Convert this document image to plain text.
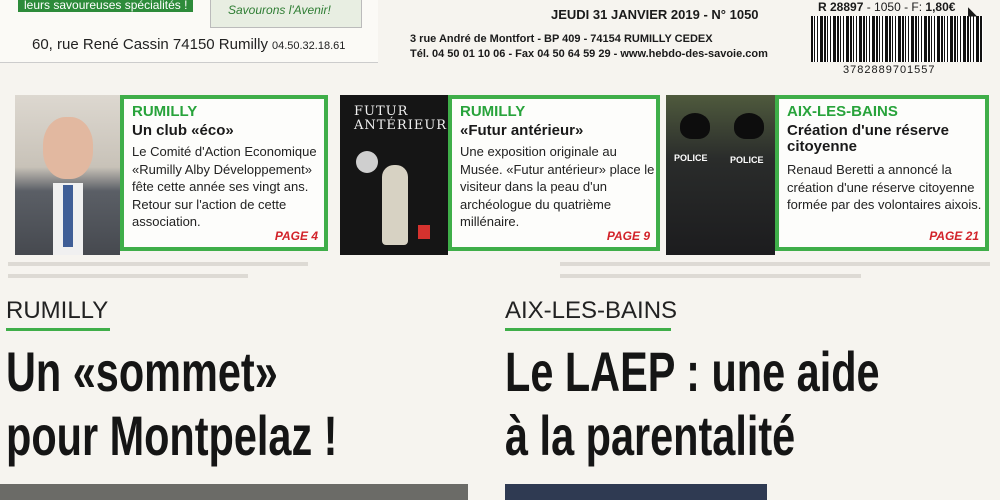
leurs savoureuses spécialités !	Savourons l'Avenir!
60, rue René Cassin 74150 Rumilly 04.50.32.18.61
JEUDI 31 JANVIER 2019 - N° 1050
3 rue André de Montfort - BP 409 - 74154 RUMILLY CEDEX
Tél. 04 50 01 10 06 - Fax 04 50 64 59 29 - www.hebdo-des-savoie.com
R 28897 - 1050 - F: 1,80€
3782889701557
◣
RUMILLY
Un club «éco»
Le Comité d'Action Economique «Rumilly Alby Développement» fête cette année ses vingt ans. Retour sur l'action de cette association.
PAGE 4
FUTUR
ANTÉRIEUR
RUMILLY
«Futur antérieur»
Une exposition originale au Musée. «Futur antérieur» place le visiteur dans la peau d'un archéologue du quatrième millénaire.
PAGE 9
POLICE POLICE
AIX-LES-BAINS
Création d'une réserve citoyenne
Renaud Beretti a annoncé la création d'une réserve citoyenne formée par des volontaires aixois.
PAGE 21
RUMILLY
Un «sommet»
pour Montpelaz !
AIX-LES-BAINS
Le LAEP : une aide
à la parentalité
